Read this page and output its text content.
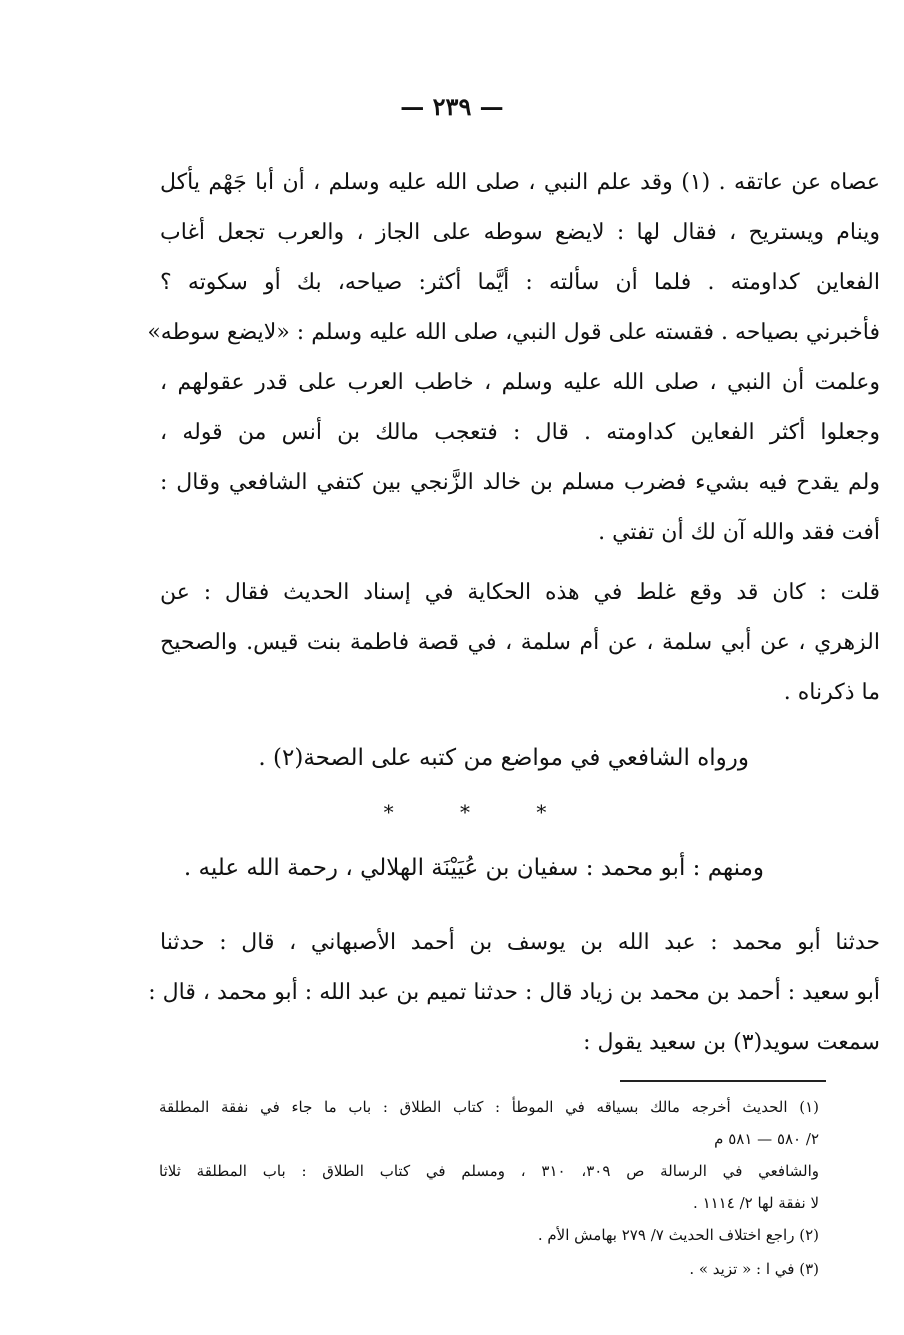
— ٢٣٩ —
عصاه عن عاتقه . (١) وقد علم النبي ، صلى الله عليه وسلم ، أن أبا جَهْم يأكل
وينام ويستريح ، فقال لها : لايضع سوطه على الجاز ، والعرب تجعل أغاب
الفعاين كداومته . فلما أن سألته : أيَّما أكثر: صياحه، بك أو سكوته ؟
فأخبرني بصياحه . فقسته على قول النبي، صلى الله عليه وسلم : «لايضع سوطه»
وعلمت أن النبي ، صلى الله عليه وسلم ، خاطب العرب على قدر عقولهم ،
وجعلوا أكثر الفعاين كداومته . قال : فتعجب مالك بن أنس من قوله ،
ولم يقدح فيه بشيء فضرب مسلم بن خالد الزَّنجي بين كتفي الشافعي وقال :
أفت فقد والله آن لك أن تفتي .
قلت : كان قد وقع غلط في هذه الحكاية في إسناد الحديث فقال : عن
الزهري ، عن أبي سلمة ، عن أم سلمة ، في قصة فاطمة بنت قيس. والصحيح
ما ذكرناه .
ورواه الشافعي في مواضع من كتبه على الصحة(٢) .
* * *
ومنهم : أبو محمد : سفيان بن عُيَيْنَة الهلالي ، رحمة الله عليه .
حدثنا أبو محمد : عبد الله بن يوسف بن أحمد الأصبهاني ، قال : حدثنا
أبو سعيد : أحمد بن محمد بن زياد قال : حدثنا تميم بن عبد الله : أبو محمد ، قال :
سمعت سويد(٣) بن سعيد يقول :
(١) الحديث أخرجه مالك بسياقه في الموطأ : كتاب الطلاق : باب ما جاء في نفقة المطلقة
٢/ ٥٨٠ — ٥٨١ م
والشافعي في الرسالة ص ٣٠٩، ٣١٠ ، ومسلم في كتاب الطلاق : باب المطلقة ثلاثا
لا نفقة لها ٢/ ١١١٤ .
(٢) راجع اختلاف الحديث ٧/ ٢٧٩ بهامش الأم .
(٣) في ا : « تزيد » .
